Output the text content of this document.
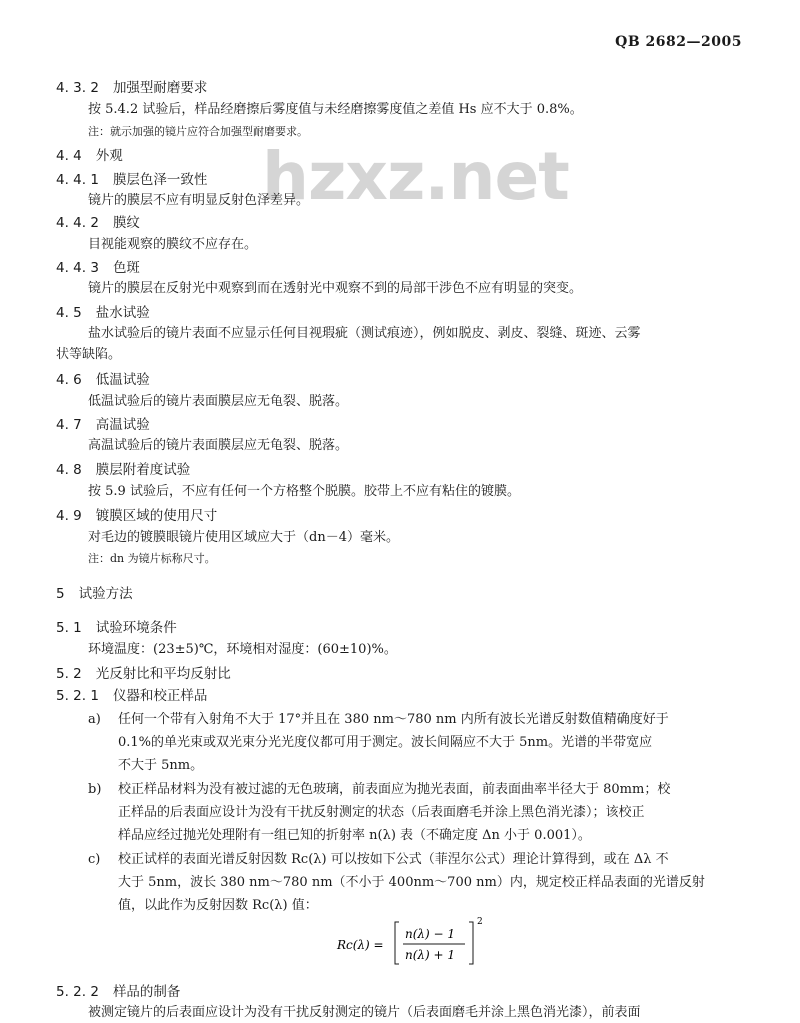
QB 2682—2005
hzxz.net
4. 3. 2 加强型耐磨要求
按 5.4.2 试验后，样品经磨擦后雾度值与未经磨擦雾度值之差值 Hs 应不大于 0.8%。
注：就示加强的镜片应符合加强型耐磨要求。
4. 4 外观
4. 4. 1 膜层色泽一致性
镜片的膜层不应有明显反射色泽差异。
4. 4. 2 膜纹
目视能观察的膜纹不应存在。
4. 4. 3 色斑
镜片的膜层在反射光中观察到而在透射光中观察不到的局部干涉色不应有明显的突变。
4. 5 盐水试验
盐水试验后的镜片表面不应显示任何目视瑕疵（测试痕迹），例如脱皮、剥皮、裂缝、斑迹、云雾
状等缺陷。
4. 6 低温试验
低温试验后的镜片表面膜层应无龟裂、脱落。
4. 7 高温试验
高温试验后的镜片表面膜层应无龟裂、脱落。
4. 8 膜层附着度试验
按 5.9 试验后，不应有任何一个方格整个脱膜。胶带上不应有粘住的镀膜。
4. 9 镀膜区域的使用尺寸
对毛边的镀膜眼镜片使用区域应大于（dn－4）毫米。
注：dn 为镜片标称尺寸。
5 试验方法
5. 1 试验环境条件
环境温度：(23±5)℃，环境相对湿度：(60±10)%。
5. 2 光反射比和平均反射比
5. 2. 1 仪器和校正样品
a) 任何一个带有入射角不大于 17°并且在 380 nm～780 nm 内所有波长光谱反射数值精确度好于
0.1%的单光束或双光束分光光度仪都可用于测定。波长间隔应不大于 5nm。光谱的半带宽应
不大于 5nm。
b) 校正样品材料为没有被过滤的无色玻璃，前表面应为抛光表面，前表面曲率半径大于 80mm；校
正样品的后表面应设计为没有干扰反射测定的状态（后表面磨毛并涂上黑色消光漆）；该校正
样品应经过抛光处理附有一组已知的折射率 n(λ) 表（不确定度 Δn 小于 0.001）。
c) 校正试样的表面光谱反射因数 Rc(λ) 可以按如下公式（菲涅尔公式）理论计算得到，或在 Δλ 不
大于 5nm，波长 380 nm～780 nm（不小于 400nm～700 nm）内，规定校正样品表面的光谱反射
值，以此作为反射因数 Rc(λ) 值：
Rc(λ) =
n(λ) − 1
n(λ) + 1
2
5. 2. 2 样品的制备
被测定镜片的后表面应设计为没有干扰反射测定的镜片（后表面磨毛并涂上黑色消光漆），前表面
